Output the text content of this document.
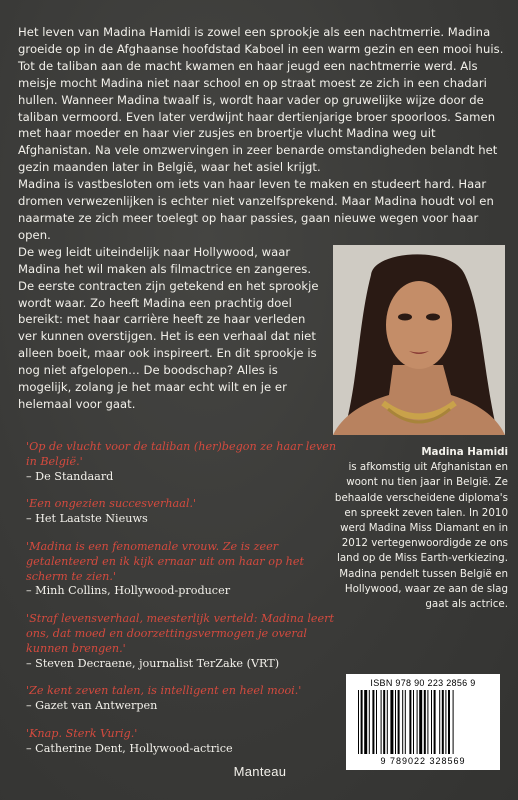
Het leven van Madina Hamidi is zowel een sprookje als een nachtmerrie. Madina groeide op in de Afghaanse hoofdstad Kaboel in een warm gezin en een mooi huis. Tot de taliban aan de macht kwamen en haar jeugd een nachtmerrie werd. Als meisje mocht Madina niet naar school en op straat moest ze zich in een chadari hullen. Wanneer Madina twaalf is, wordt haar vader op gruwelijke wijze door de taliban vermoord. Even later verdwijnt haar dertienjarige broer spoorloos. Samen met haar moeder en haar vier zusjes en broertje vlucht Madina weg uit Afghanistan. Na vele omzwervingen in zeer benarde omstandigheden belandt het gezin maanden later in België, waar het asiel krijgt.

Madina is vastbesloten om iets van haar leven te maken en studeert hard. Haar dromen verwezenlijken is echter niet vanzelfsprekend. Maar Madina houdt vol en naarmate ze zich meer toelegt op haar passies, gaan nieuwe wegen voor haar open.

De weg leidt uiteindelijk naar Hollywood, waar Madina het wil maken als filmactrice en zangeres. De eerste contracten zijn getekend en het sprookje wordt waar. Zo heeft Madina een prachtig doel bereikt: met haar carrière heeft ze haar verleden ver kunnen overstijgen. Het is een verhaal dat niet alleen boeit, maar ook inspireert. En dit sprookje is nog niet afgelopen… De boodschap? Alles is mogelijk, zolang je het maar echt wilt en je er helemaal voor gaat.

Madina Hamidi
is afkomstig uit Afghanistan en woont nu tien jaar in België. Ze behaalde verscheidene diploma's en spreekt zeven talen. In 2010 werd Madina Miss Diamant en in 2012 vertegenwoordigde ze ons land op de Miss Earth-verkiezing. Madina pendelt tussen België en Hollywood, waar ze aan de slag gaat als actrice.
'Op de vlucht voor de taliban (her)begon ze haar leven in België.'
– De Standaard
'Een ongezien succesverhaal.'
– Het Laatste Nieuws
'Madina is een fenomenale vrouw. Ze is zeer getalenteerd en ik kijk ernaar uit om haar op het scherm te zien.'
– Minh Collins, Hollywood-producer
'Straf levensverhaal, meesterlijk verteld: Madina leert ons, dat moed en doorzettingsvermogen je overal kunnen brengen.'
– Steven Decraene, journalist TerZake (VRT)
'Ze kent zeven talen, is intelligent en heel mooi.'
– Gazet van Antwerpen
'Knap. Sterk Vurig.'
– Catherine Dent, Hollywood-actrice
ISBN 978 90 223 2856 9
9 789022 328569
Manteau
